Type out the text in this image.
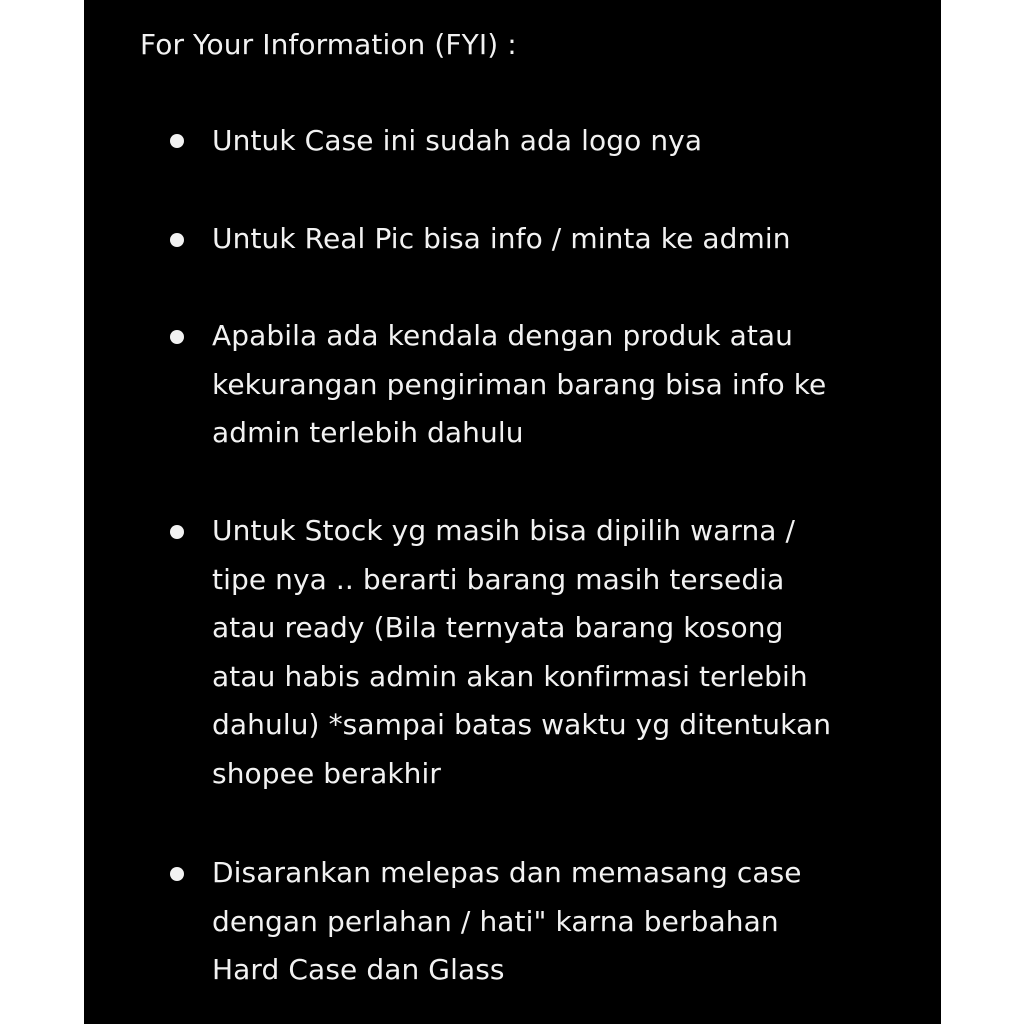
For Your Information (FYI) :
Untuk Case ini sudah ada logo nya
Untuk Real Pic bisa info / minta ke admin
Apabila ada kendala dengan produk atau
kekurangan pengiriman barang bisa info ke
admin terlebih dahulu
Untuk Stock yg masih bisa dipilih warna /
tipe nya .. berarti barang masih tersedia
atau ready (Bila ternyata barang kosong
atau habis admin akan konfirmasi terlebih
dahulu) *sampai batas waktu yg ditentukan
shopee berakhir
Disarankan melepas dan memasang case
dengan perlahan / hati" karna berbahan
Hard Case dan Glass
